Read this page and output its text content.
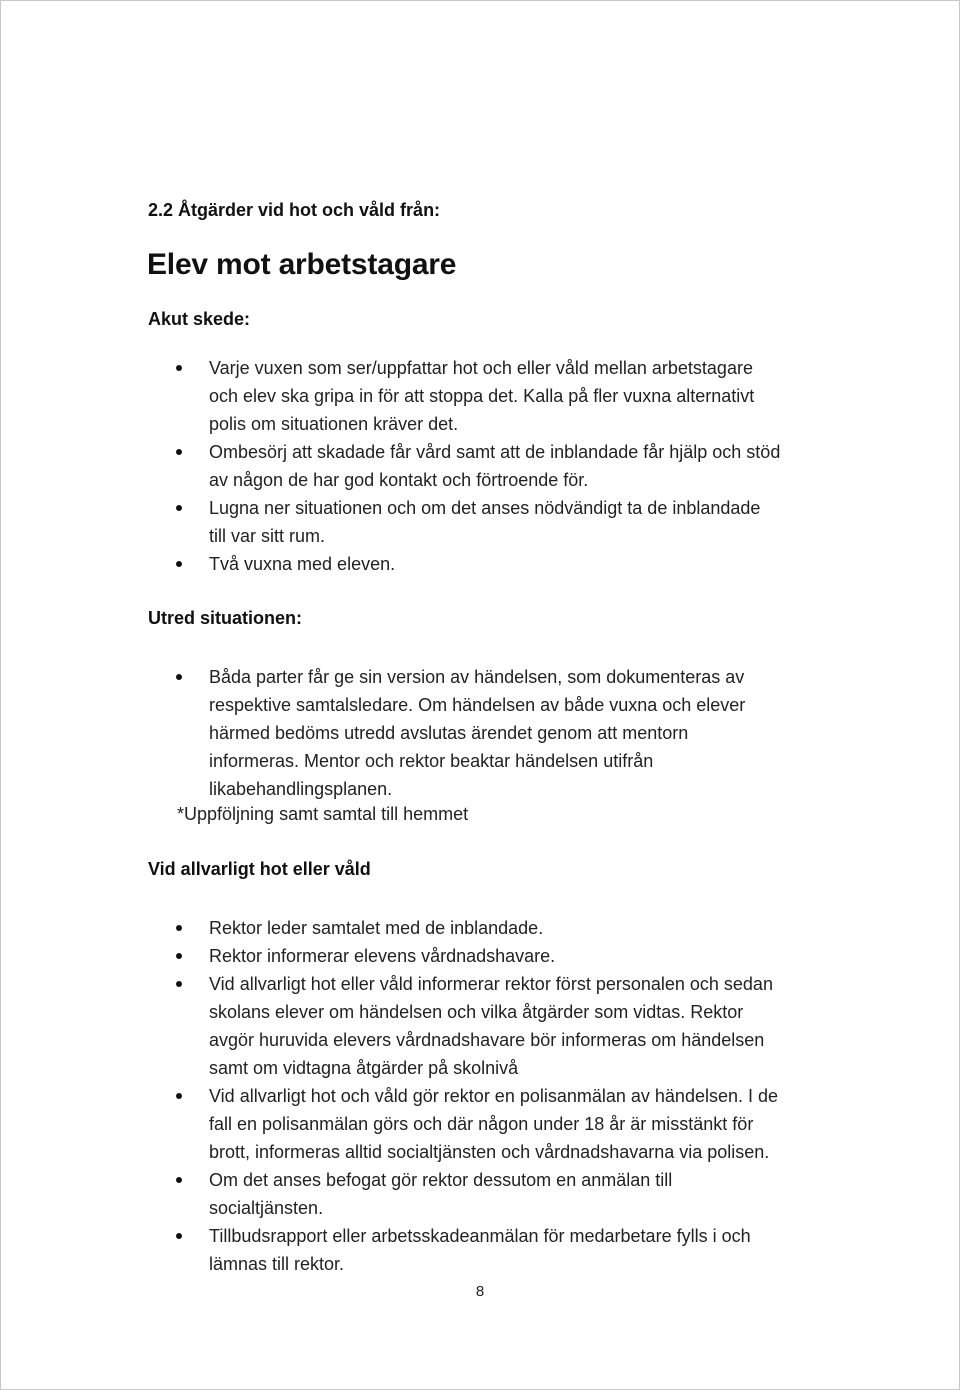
2.2 Åtgärder vid hot och våld från:

Elev mot arbetstagare

Akut skede:

Varje vuxen som ser/uppfattar hot och eller våld mellan arbetstagare
och elev ska gripa in för att stoppa det. Kalla på fler vuxna alternativt
polis om situationen kräver det.
Ombesörj att skadade får vård samt att de inblandade får hjälp och stöd
av någon de har god kontakt och förtroende för.
Lugna ner situationen och om det anses nödvändigt ta de inblandade
till var sitt rum.
Två vuxna med eleven.

Utred situationen:

Båda parter får ge sin version av händelsen, som dokumenteras av
respektive samtalsledare. Om händelsen av både vuxna och elever
härmed bedöms utredd avslutas ärendet genom att mentorn
informeras. Mentor och rektor beaktar händelsen utifrån
likabehandlingsplanen.

*Uppföljning samt samtal till hemmet

Vid allvarligt hot eller våld

Rektor leder samtalet med de inblandade.
Rektor informerar elevens vårdnadshavare.
Vid allvarligt hot eller våld informerar rektor först personalen och sedan
skolans elever om händelsen och vilka åtgärder som vidtas. Rektor
avgör huruvida elevers vårdnadshavare bör informeras om händelsen
samt om vidtagna åtgärder på skolnivå
Vid allvarligt hot och våld gör rektor en polisanmälan av händelsen. I de
fall en polisanmälan görs och där någon under 18 år är misstänkt för
brott, informeras alltid socialtjänsten och vårdnadshavarna via polisen.
Om det anses befogat gör rektor dessutom en anmälan till
socialtjänsten.
Tillbudsrapport eller arbetsskadeanmälan för medarbetare fylls i och
lämnas till rektor.

8
